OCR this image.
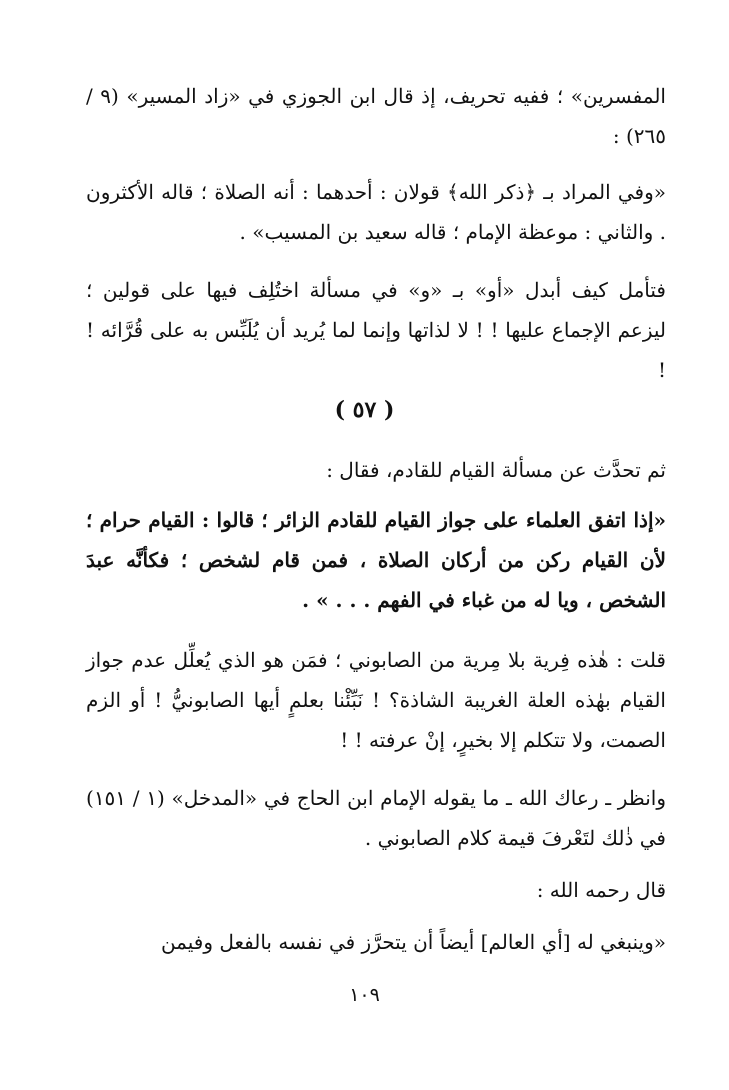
المفسرين» ؛ ففيه تحريف، إذ قال ابن الجوزي في «زاد المسير» (٩ / ٢٦٥) :

«وفي المراد بـ ﴿ذكر الله﴾ قولان : أحدهما : أنه الصلاة ؛ قاله الأكثرون . والثاني : موعظة الإمام ؛ قاله سعيد بن المسيب» .

فتأمل كيف أبدل «أو» بـ «و» في مسألة اختُلِف فيها على قولين ؛ ليزعم الإجماع عليها ! ! لا لذاتها وإنما لما يُريد أن يُلَبِّس به على قُرَّائه ! !

( ٥٧ )

ثم تحدَّث عن مسألة القيام للقادم، فقال :

«إذا اتفق العلماء على جواز القيام للقادم الزائر ؛ قالوا : القيام حرام ؛ لأن القيام ركن من أركان الصلاة ، فمن قام لشخص ؛ فكأنَّه عبدَ الشخص ، ويا له من غباء في الفهم . . . » .

قلت : هٰذه فِرية بلا مِرية من الصابوني ؛ فمَن هو الذي يُعلِّل عدم جواز القيام بهٰذه العلة الغريبة الشاذة؟ ! نَبِّئْنا بعلمٍ أيها الصابونيُّ ! أو الزم الصمت، ولا تتكلم إلا بخيرٍ، إنْ عرفته ! !

وانظر ـ رعاك الله ـ ما يقوله الإمام ابن الحاج في «المدخل» (١ / ١٥١) في ذٰلك لتَعْرفَ قيمة كلام الصابوني .

قال رحمه الله :

«وينبغي له [أي العالم] أيضاً أن يتحرَّز في نفسه بالفعل وفيمن

١٠٩
